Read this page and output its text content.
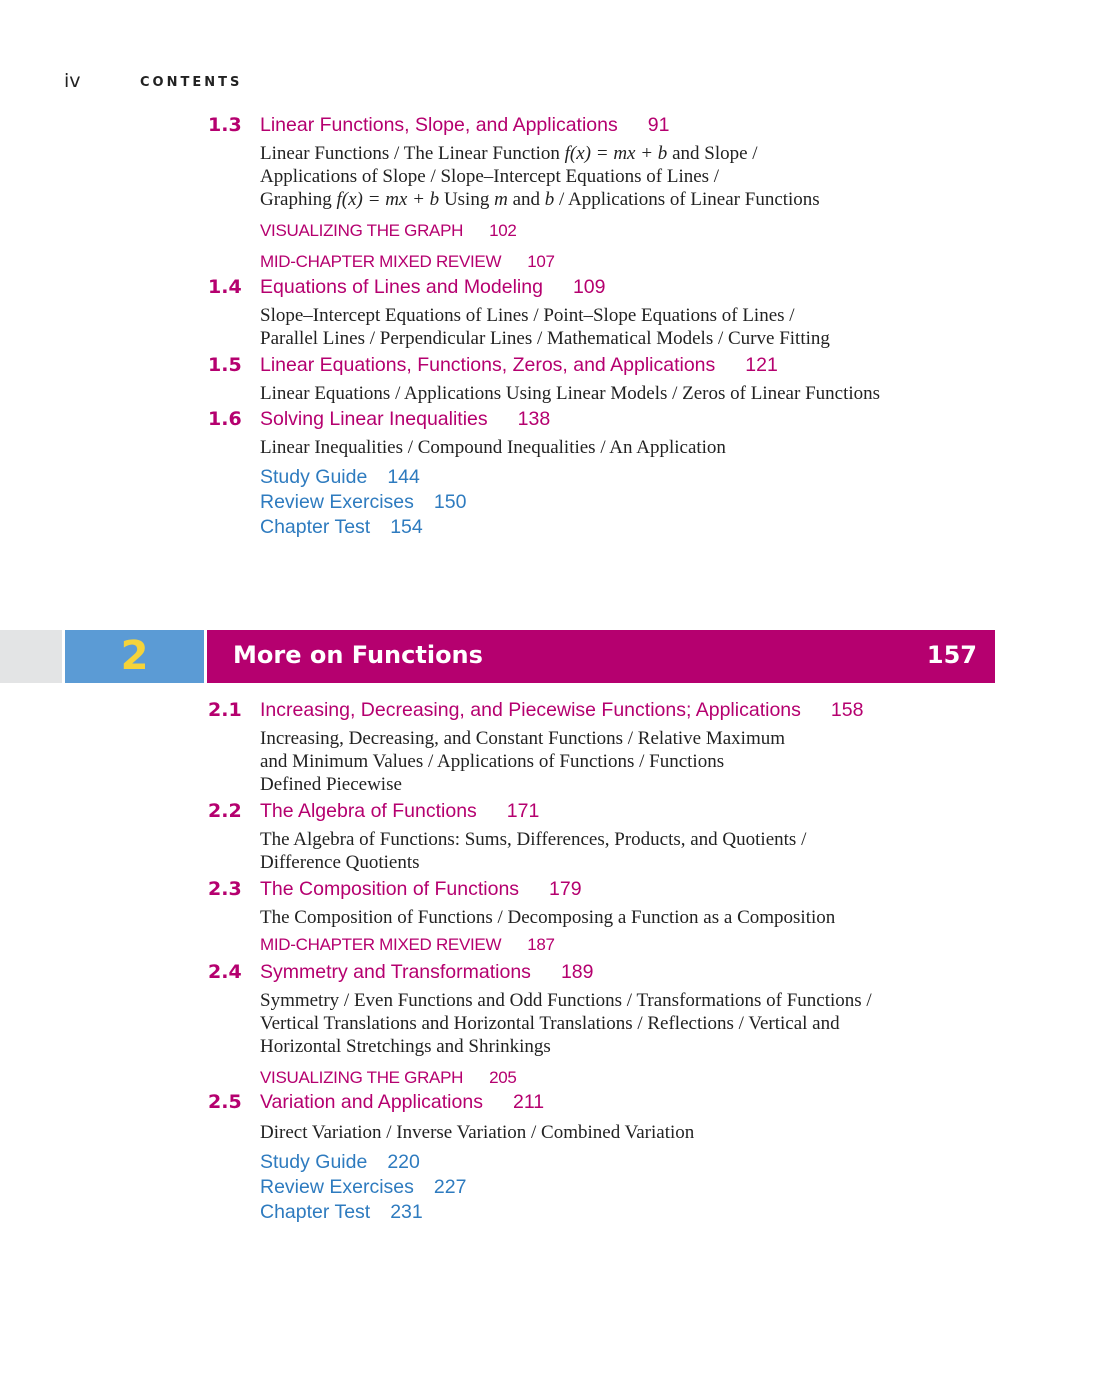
iv	CONTENTS
1.3 Linear Functions, Slope, and Applications 91
Linear Functions / The Linear Function f(x) = mx + b and Slope /
Applications of Slope / Slope–Intercept Equations of Lines /
Graphing f(x) = mx + b Using m and b / Applications of Linear Functions
VISUALIZING THE GRAPH 102
MID-CHAPTER MIXED REVIEW 107
1.4 Equations of Lines and Modeling 109
Slope–Intercept Equations of Lines / Point–Slope Equations of Lines /
Parallel Lines / Perpendicular Lines / Mathematical Models / Curve Fitting
1.5 Linear Equations, Functions, Zeros, and Applications 121
Linear Equations / Applications Using Linear Models / Zeros of Linear Functions
1.6 Solving Linear Inequalities 138
Linear Inequalities / Compound Inequalities / An Application
Study Guide 144
Review Exercises 150
Chapter Test 154
2	More on Functions	157
2.1 Increasing, Decreasing, and Piecewise Functions; Applications 158
Increasing, Decreasing, and Constant Functions / Relative Maximum
and Minimum Values / Applications of Functions / Functions
Defined Piecewise
2.2 The Algebra of Functions 171
The Algebra of Functions: Sums, Differences, Products, and Quotients /
Difference Quotients
2.3 The Composition of Functions 179
The Composition of Functions / Decomposing a Function as a Composition
MID-CHAPTER MIXED REVIEW 187
2.4 Symmetry and Transformations 189
Symmetry / Even Functions and Odd Functions / Transformations of Functions /
Vertical Translations and Horizontal Translations / Reflections / Vertical and
Horizontal Stretchings and Shrinkings
VISUALIZING THE GRAPH 205
2.5 Variation and Applications 211
Direct Variation / Inverse Variation / Combined Variation
Study Guide 220
Review Exercises 227
Chapter Test 231
